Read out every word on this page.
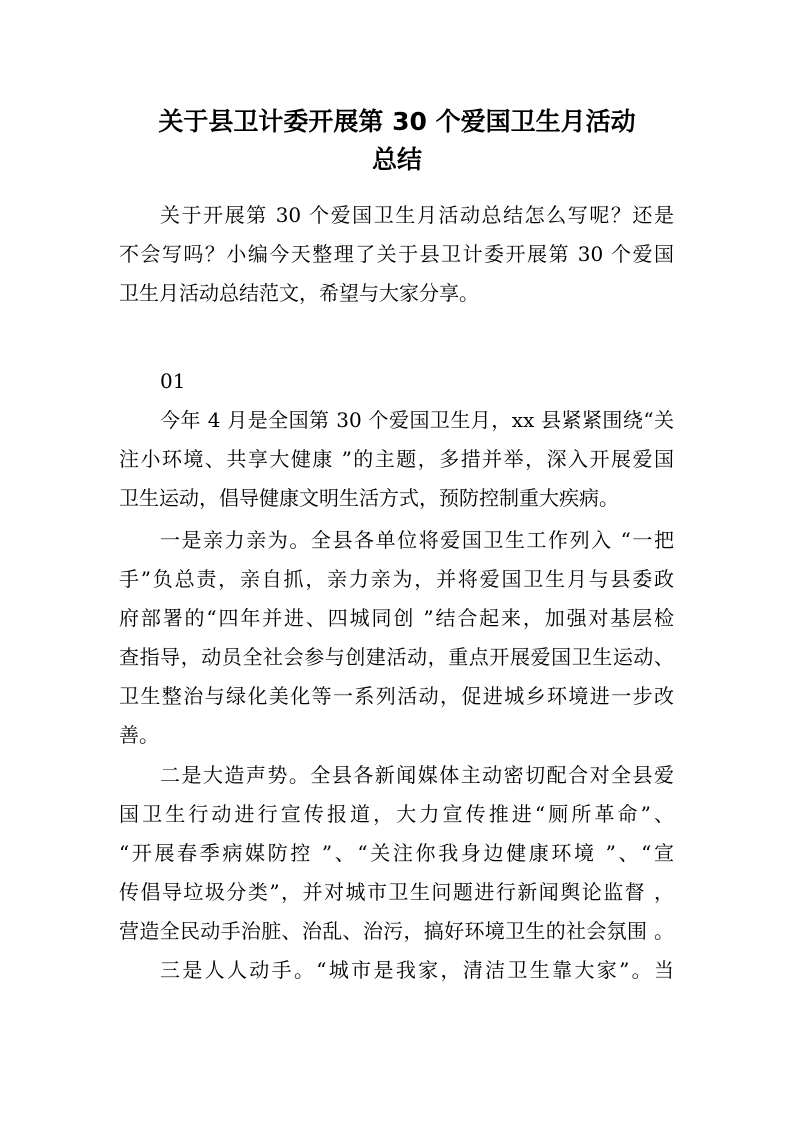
关于县卫计委开展第 30 个爱国卫生月活动
总结
关于开展第 30 个爱国卫生月活动总结怎么写呢？还是
不会写吗？小编今天整理了关于县卫计委开展第 30 个爱国
卫生月活动总结范文，希望与大家分享。
01
今年 4 月是全国第 30 个爱国卫生月，xx 县紧紧围绕“关
注小环境、共享大健康 ”的主题，多措并举，深入开展爱国
卫生运动，倡导健康文明生活方式，预防控制重大疾病。
一是亲力亲为。全县各单位将爱国卫生工作列入 “一把
手”负总责，亲自抓，亲力亲为，并将爱国卫生月与县委政
府部署的“四年并进、四城同创 ”结合起来，加强对基层检
查指导，动员全社会参与创建活动，重点开展爱国卫生运动、
卫生整治与绿化美化等一系列活动，促进城乡环境进一步改
善。
二是大造声势。全县各新闻媒体主动密切配合对全县爱
国卫生行动进行宣传报道，大力宣传推进“厕所革命”、
“开展春季病媒防控 ”、“关注你我身边健康环境 ”、“宣
传倡导垃圾分类”，并对城市卫生问题进行新闻舆论监督 ，
营造全民动手治脏、治乱、治污，搞好环境卫生的社会氛围 。
三是人人动手。“城市是我家，清洁卫生靠大家”。当
